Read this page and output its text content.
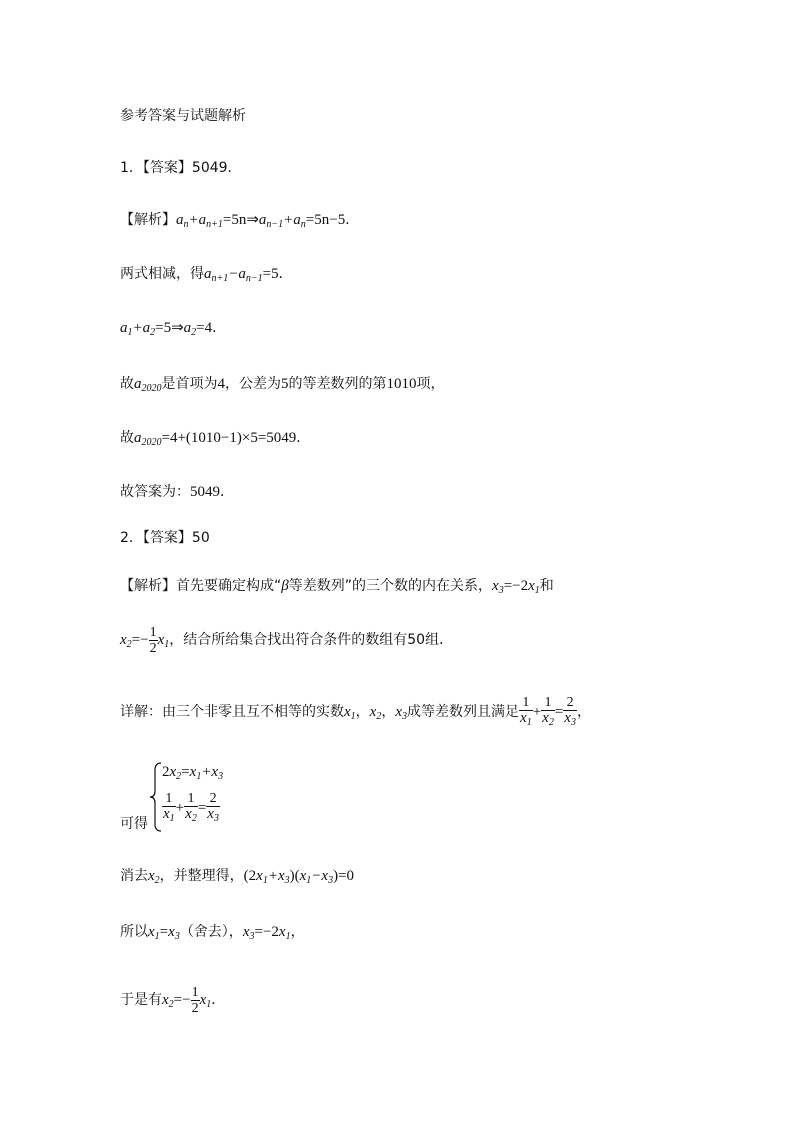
参考答案与试题解析
1．【答案】5049．
【解析】$a_n+a_{n+1}=5n\Rightarrow a_{n-1}+a_n=5n-5$．
两式相减，得$a_{n+1}-a_{n-1}=5$．
$a_1+a_2=5\Rightarrow a_2=4$．
故$a_{2020}$是首项为4，公差为5的等差数列的第1010项，
故$a_{2020}=4+(1010-1)\times 5=5049$．
故答案为：5049．
2．【答案】50
【解析】首先要确定构成“β等差数列”的三个数的内在关系，$x_3=-2x_1$和
$x_2=- \frac{1}{2} x_1$，结合所给集合找出符合条件的数组有50组．
详解：由三个非零且互不相等的实数$x_1$，$x_2$，$x_3$成等差数列且满足 $\frac{1}{x_1} + \frac{1}{x_2} = \frac{2}{x_3}$ ，
可得
$2x_2=x_1+x_3$
$\frac{1}{x_1} + \frac{1}{x_2} = \frac{2}{x_3}$
消去$x_2$，并整理得，$(2x_1+x_3)(x_1-x_3)=0$
所以$x_1=x_3$（舍去），$x_3=-2x_1$，
于是有$x_2=- \frac{1}{2} x_1$．
